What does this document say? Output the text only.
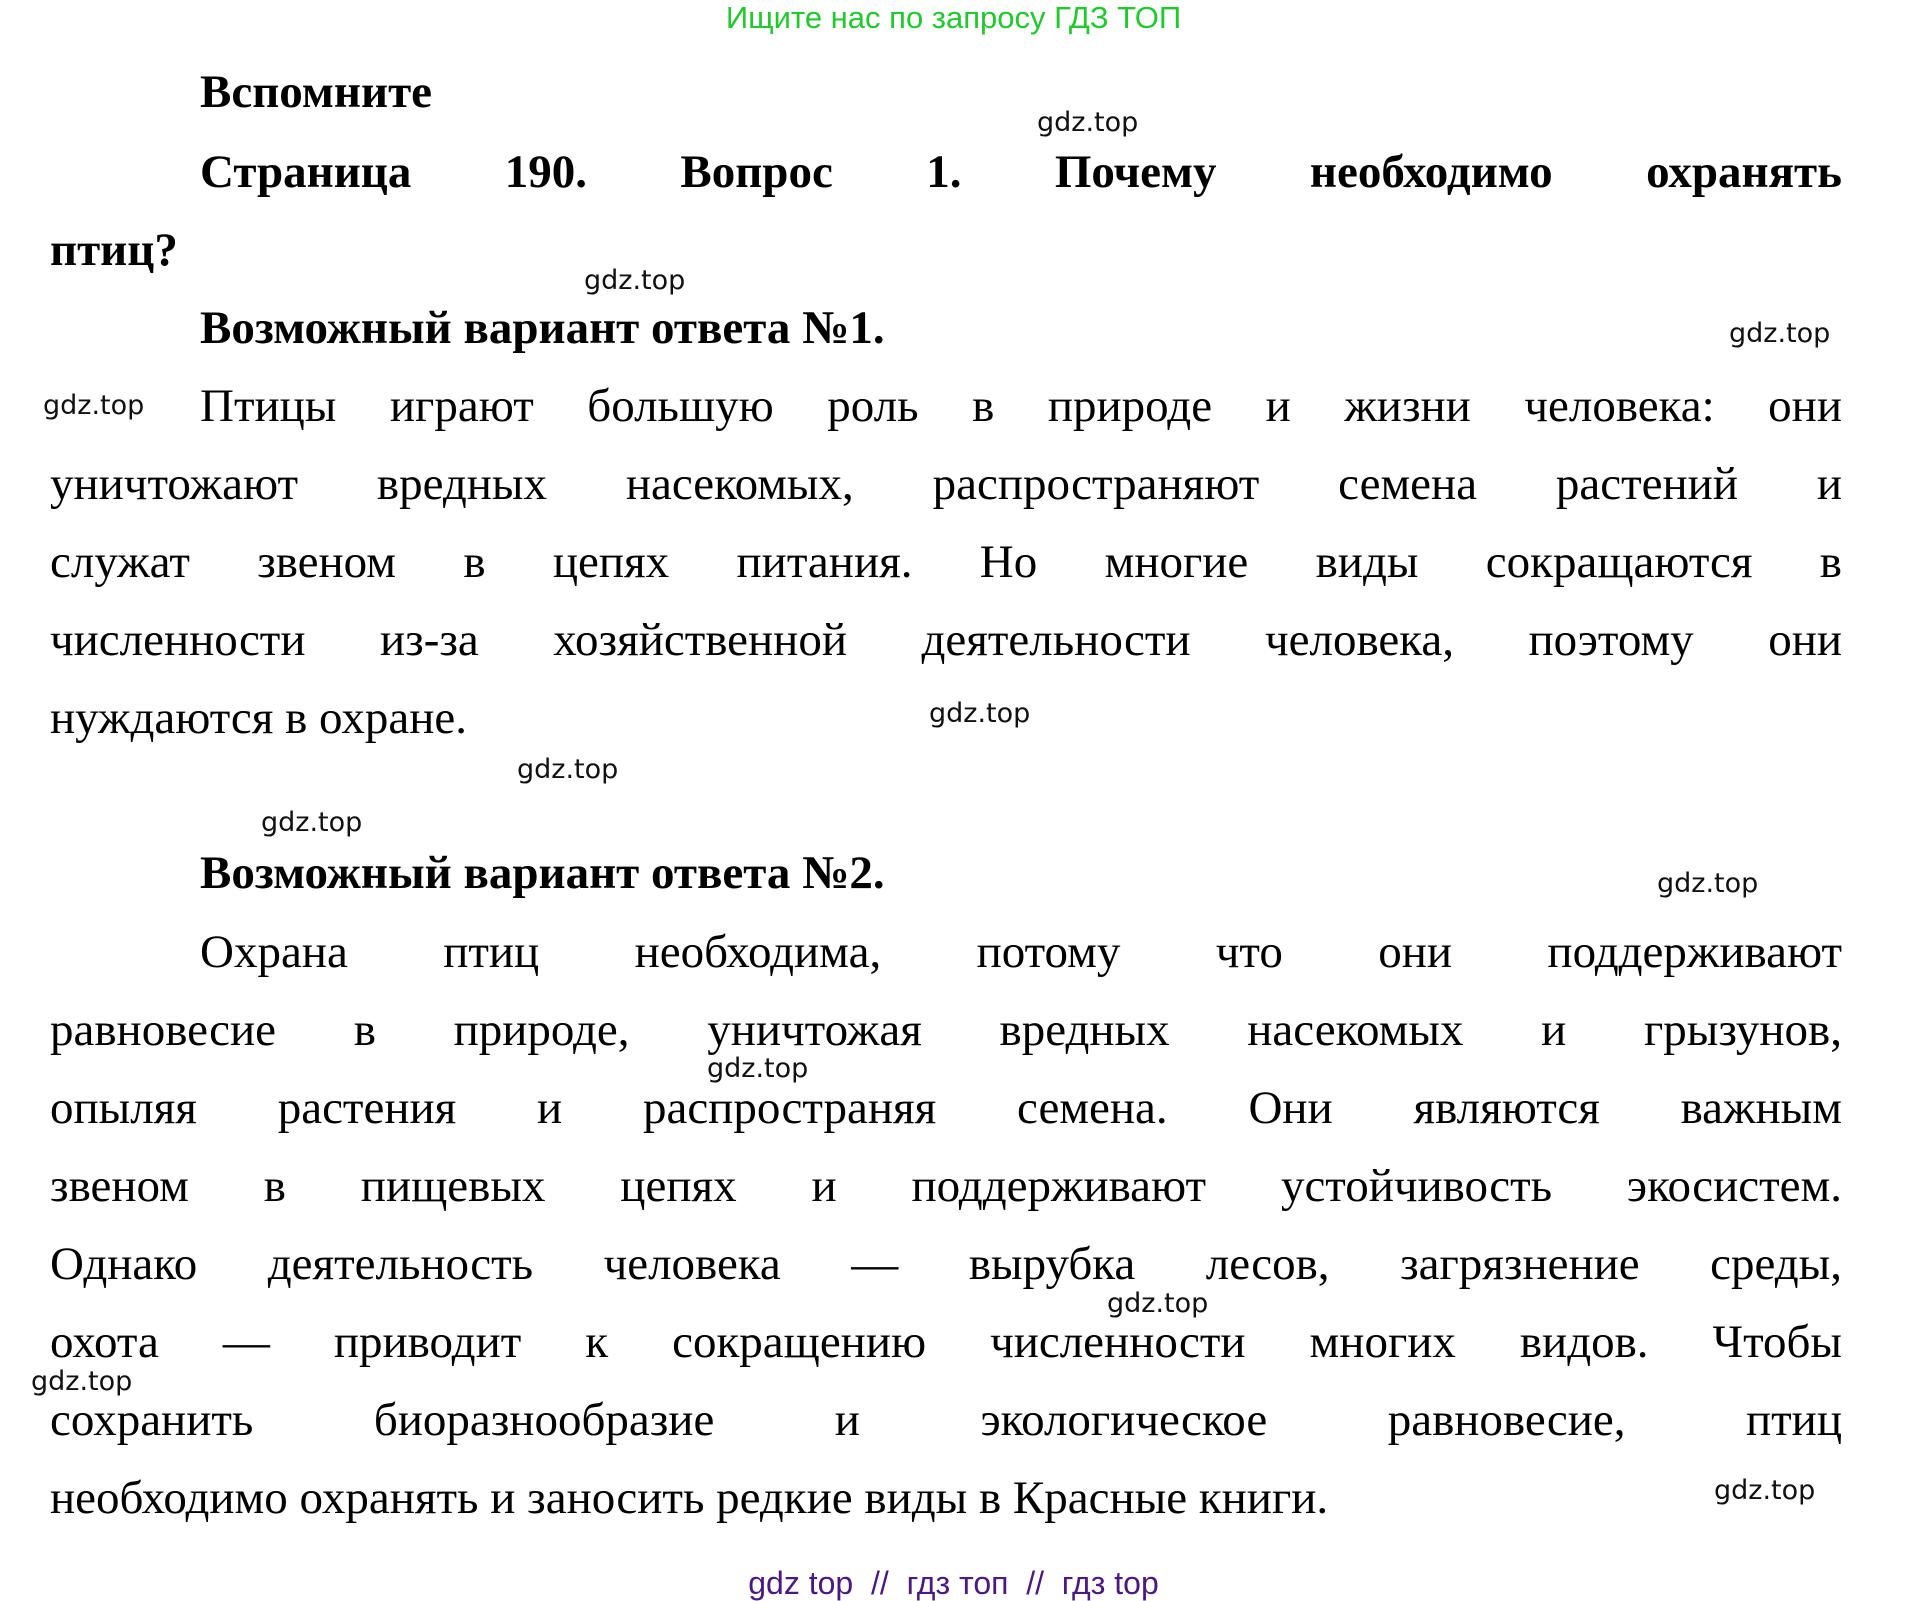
Ищите нас по запросу ГДЗ ТОП
Вспомните
Страница 190. Вопрос 1. Почему необходимо охранять
птиц?
Возможный вариант ответа №1.
Птицы играют большую роль в природе и жизни человека: они
уничтожают вредных насекомых, распространяют семена растений и
служат звеном в цепях питания. Но многие виды сокращаются в
численности из-за хозяйственной деятельности человека, поэтому они
нуждаются в охране.
Возможный вариант ответа №2.
Охрана птиц необходима, потому что они поддерживают
равновесие в природе, уничтожая вредных насекомых и грызунов,
опыляя растения и распространяя семена. Они являются важным
звеном в пищевых цепях и поддерживают устойчивость экосистем.
Однако деятельность человека — вырубка лесов, загрязнение среды,
охота — приводит к сокращению численности многих видов. Чтобы
сохранить биоразнообразие и экологическое равновесие, птиц
необходимо охранять и заносить редкие виды в Красные книги.
gdz.top
gdz.top
gdz.top
gdz.top
gdz.top
gdz.top
gdz.top
gdz.top
gdz.top
gdz.top
gdz.top
gdz.top
gdz top  //  гдз топ  //  гдз top
